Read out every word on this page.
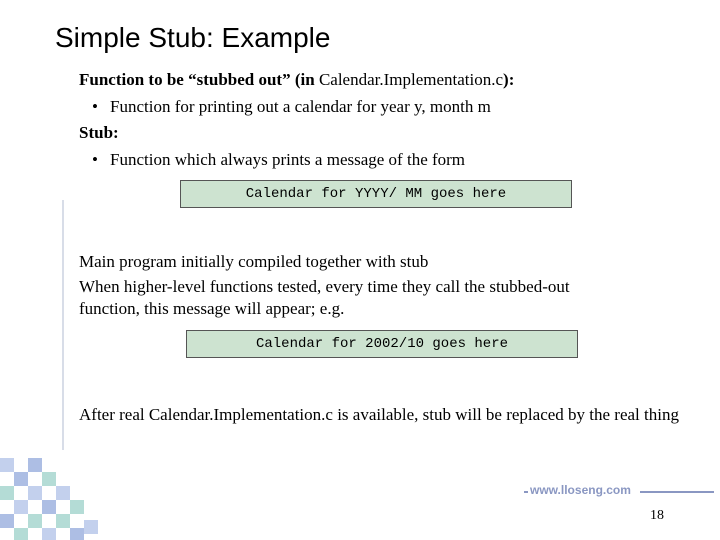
Simple Stub: Example
Function to be “stubbed out” (in Calendar.Implementation.c):
• Function for printing out a calendar for year y, month m
Stub:
• Function which always prints a message of the form
Calendar for YYYY/ MM goes here
Main program initially compiled together with stub
When higher-level functions tested, every time they call the stubbed-out
function, this message will appear; e.g.
Calendar for 2002/10 goes here
After real Calendar.Implementation.c is available, stub will be replaced by the real thing
www.lloseng.com
18
